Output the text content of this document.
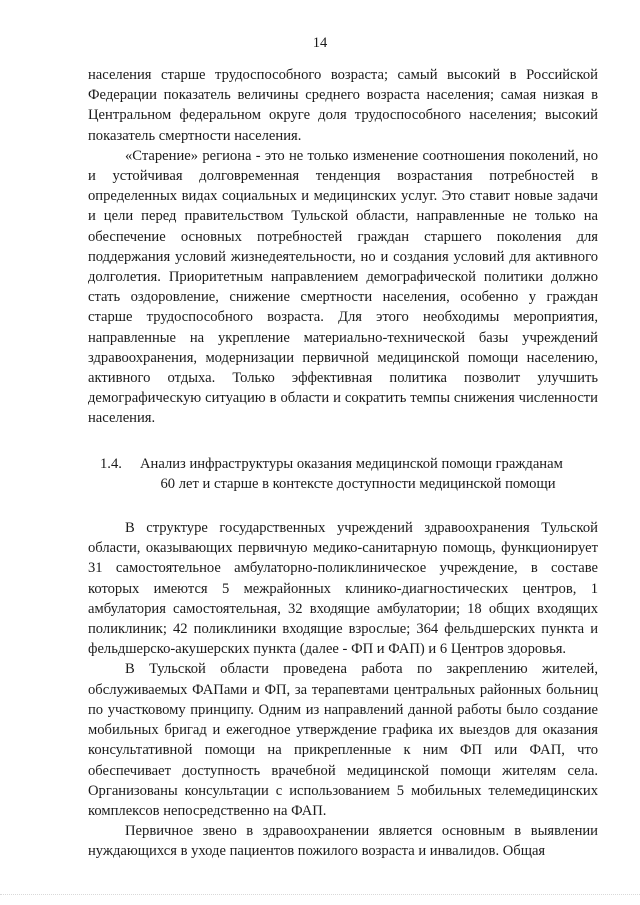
14

населения старше трудоспособного возраста; самый высокий в Российской Федерации показатель величины среднего возраста населения; самая низкая в Центральном федеральном округе доля трудоспособного населения; высокий показатель смертности населения.

«Старение» региона - это не только изменение соотношения поколений, но и устойчивая долговременная тенденция возрастания потребностей в определенных видах социальных и медицинских услуг. Это ставит новые задачи и цели перед правительством Тульской области, направленные не только на обеспечение основных потребностей граждан старшего поколения для поддержания условий жизнедеятельности, но и создания условий для активного долголетия. Приоритетным направлением демографической политики должно стать оздоровление, снижение смертности населения, особенно у граждан старше трудоспособного возраста. Для этого необходимы мероприятия, направленные на укрепление материально-технической базы учреждений здравоохранения, модернизации первичной медицинской помощи населению, активного отдыха. Только эффективная политика позволит улучшить демографическую ситуацию в области и сократить темпы снижения численности населения.

1.4. Анализ инфраструктуры оказания медицинской помощи гражданам
60 лет и старше в контексте доступности медицинской помощи

В структуре государственных учреждений здравоохранения Тульской области, оказывающих первичную медико-санитарную помощь, функционирует 31 самостоятельное амбулаторно-поликлиническое учреждение, в составе которых имеются 5 межрайонных клинико-диагностических центров, 1 амбулатория самостоятельная, 32 входящие амбулатории; 18 общих входящих поликлиник; 42 поликлиники входящие взрослые; 364 фельдшерских пункта и фельдшерско-акушерских пункта (далее - ФП и ФАП) и 6 Центров здоровья.

В Тульской области проведена работа по закреплению жителей, обслуживаемых ФАПами и ФП, за терапевтами центральных районных больниц по участковому принципу. Одним из направлений данной работы было создание мобильных бригад и ежегодное утверждение графика их выездов для оказания консультативной помощи на прикрепленные к ним ФП или ФАП, что обеспечивает доступность врачебной медицинской помощи жителям села. Организованы консультации с использованием 5 мобильных телемедицинских комплексов непосредственно на ФАП.

Первичное звено в здравоохранении является основным в выявлении нуждающихся в уходе пациентов пожилого возраста и инвалидов. Общая
